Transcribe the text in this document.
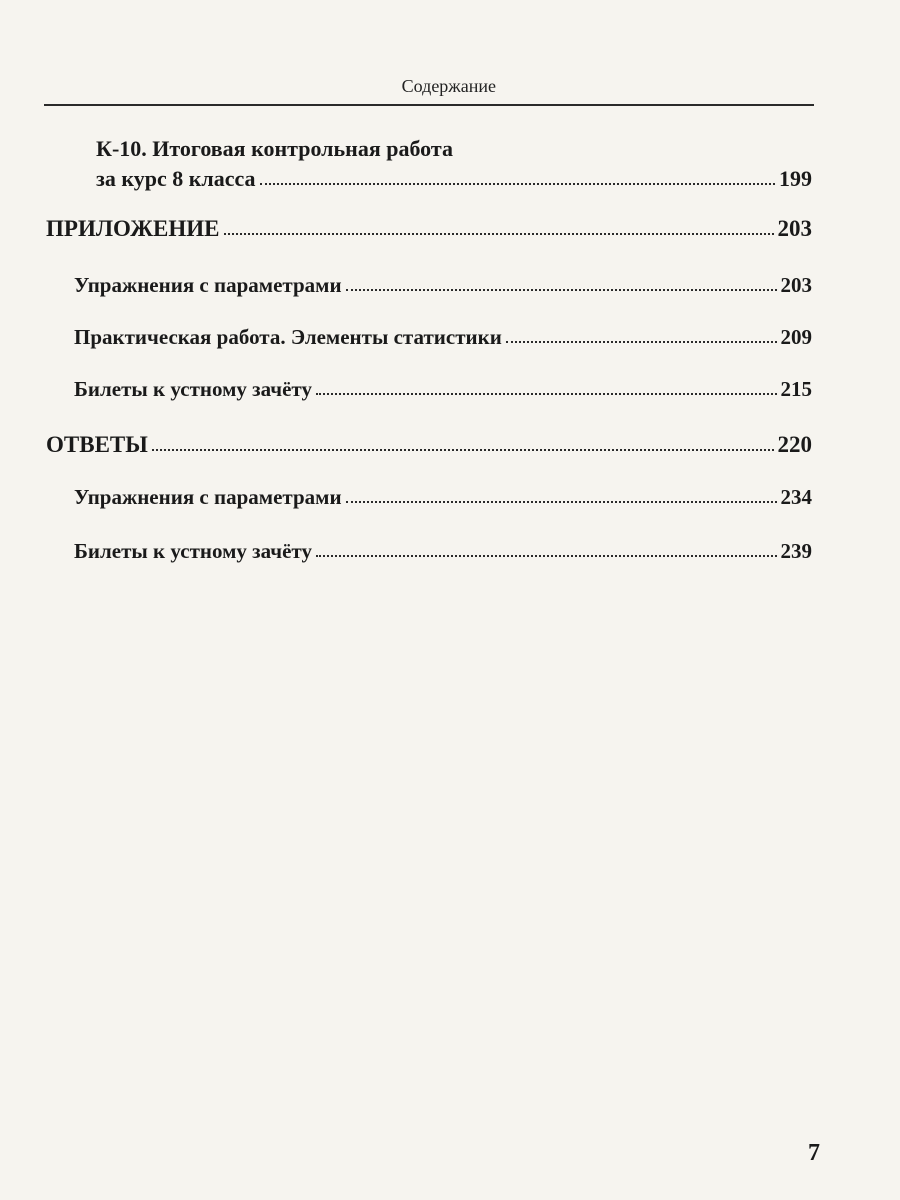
Содержание
К-10. Итоговая контрольная работа
за курс 8 класса	199
ПРИЛОЖЕНИЕ	203
Упражнения с параметрами	203
Практическая работа. Элементы статистики	209
Билеты к устному зачёту	215
ОТВЕТЫ	220
Упражнения с параметрами	234
Билеты к устному зачёту	239
7
